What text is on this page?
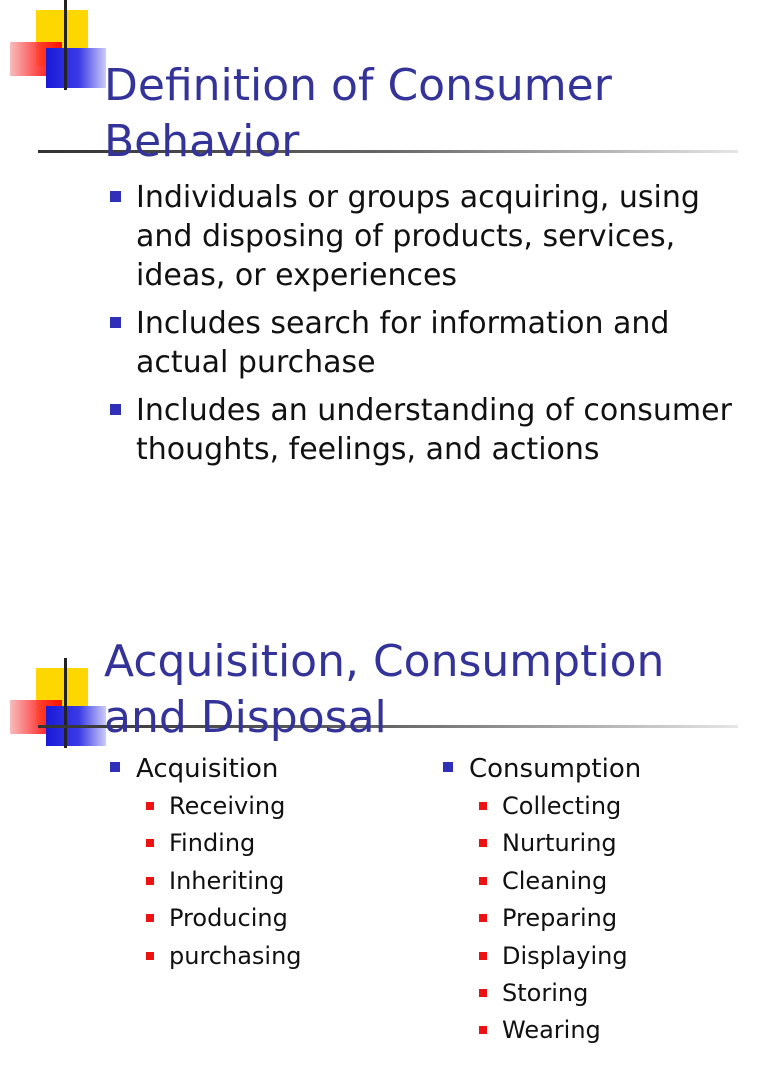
Definition of Consumer
Behavior
Individuals or groups acquiring, using and disposing of products, services, ideas, or experiences
Includes search for information and actual purchase
Includes an understanding of consumer thoughts, feelings, and actions
Acquisition, Consumption
and Disposal
Acquisition
Receiving
Finding
Inheriting
Producing
purchasing
Consumption
Collecting
Nurturing
Cleaning
Preparing
Displaying
Storing
Wearing
